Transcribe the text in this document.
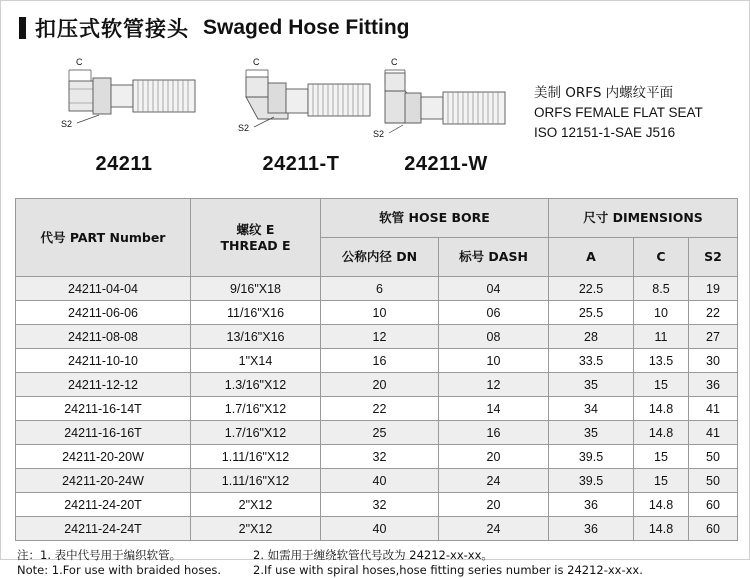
扣压式软管接头 Swaged Hose Fitting
C
S2
24211
C
S2
24211-T
C
S2
24211-W
美制 ORFS 内螺纹平面
ORFS FEMALE FLAT SEAT
ISO 12151-1-SAE J516
代号 PART Number	螺纹 E
THREAD E	软管 HOSE BORE		尺寸 DIMENSIONS		
		公称内径 DN	标号 DASH	A	C	S2
24211-04-04	9/16"X18	6	04	22.5	8.5	19
24211-06-06	11/16"X16	10	06	25.5	10	22
24211-08-08	13/16"X16	12	08	28	11	27
24211-10-10	1"X14	16	10	33.5	13.5	30
24211-12-12	1.3/16"X12	20	12	35	15	36
24211-16-14T	1.7/16"X12	22	14	34	14.8	41
24211-16-16T	1.7/16"X12	25	16	35	14.8	41
24211-20-20W	1.11/16"X12	32	20	39.5	15	50
24211-20-24W	1.11/16"X12	40	24	39.5	15	50
24211-24-20T	2"X12	32	20	36	14.8	60
24211-24-24T	2"X12	40	24	36	14.8	60
注：1. 表中代号用于编织软管。	2. 如需用于缠绕软管代号改为 24212-xx-xx。
Note: 1.For use with braided hoses.	2.If use with spiral hoses,hose fitting series number is 24212-xx-xx.
